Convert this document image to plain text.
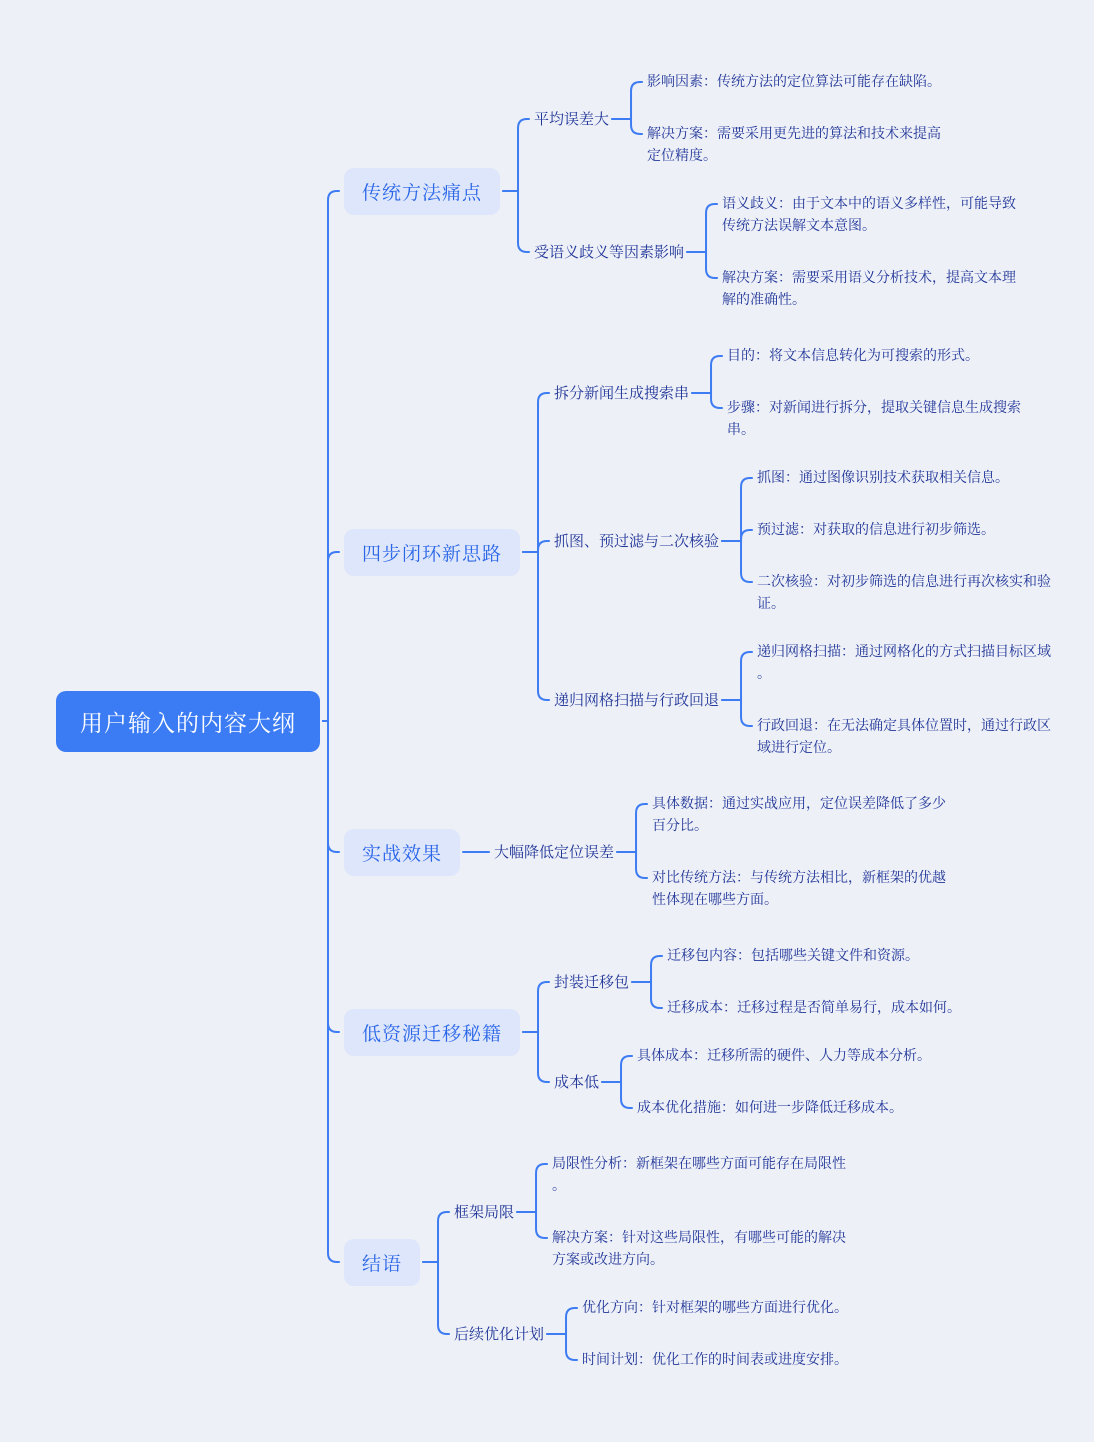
用户输入的内容大纲
传统方法痛点
平均误差大
影响因素：传统方法的定位算法可能存在缺陷。
解决方案：需要采用更先进的算法和技术来提高定位精度。
受语义歧义等因素影响
语义歧义：由于文本中的语义多样性，可能导致传统方法误解文本意图。
解决方案：需要采用语义分析技术，提高文本理解的准确性。
四步闭环新思路
拆分新闻生成搜索串
目的：将文本信息转化为可搜索的形式。
步骤：对新闻进行拆分，提取关键信息生成搜索串。
抓图、预过滤与二次核验
抓图：通过图像识别技术获取相关信息。
预过滤：对获取的信息进行初步筛选。
二次核验：对初步筛选的信息进行再次核实和验证。
递归网格扫描与行政回退
递归网格扫描：通过网格化的方式扫描目标区域。
行政回退：在无法确定具体位置时，通过行政区域进行定位。
实战效果	大幅降低定位误差
具体数据：通过实战应用，定位误差降低了多少百分比。
对比传统方法：与传统方法相比，新框架的优越性体现在哪些方面。
低资源迁移秘籍
封装迁移包
迁移包内容：包括哪些关键文件和资源。
迁移成本：迁移过程是否简单易行，成本如何。
成本低
具体成本：迁移所需的硬件、人力等成本分析。
成本优化措施：如何进一步降低迁移成本。
结语
框架局限
局限性分析：新框架在哪些方面可能存在局限性。
解决方案：针对这些局限性，有哪些可能的解决方案或改进方向。
后续优化计划
优化方向：针对框架的哪些方面进行优化。
时间计划：优化工作的时间表或进度安排。
